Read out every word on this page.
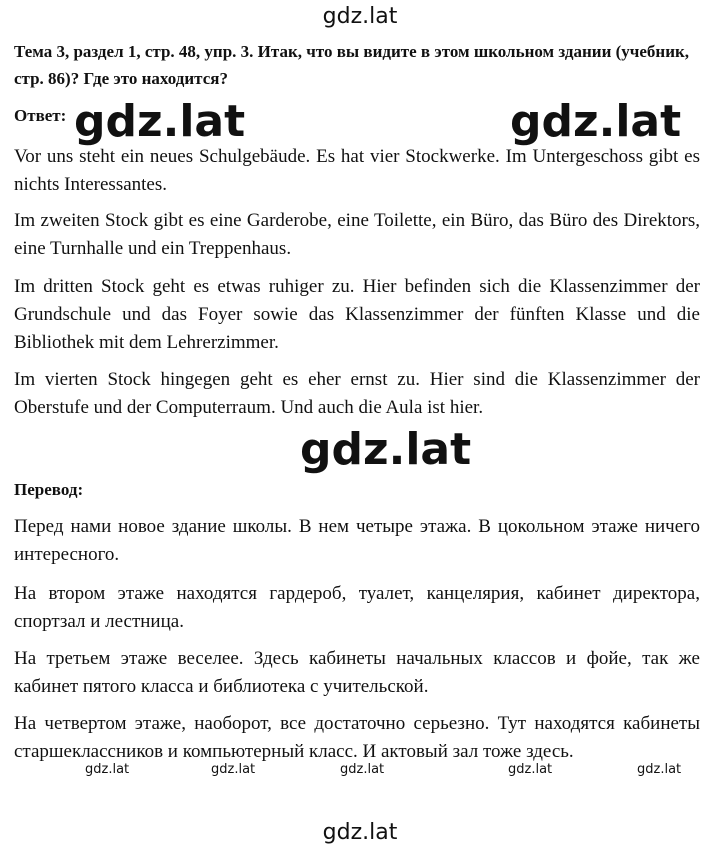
gdz.lat
Тема 3, раздел 1, стр. 48, упр. 3. Итак, что вы видите в этом школьном здании (учебник, стр. 86)? Где это находится?
Ответ: gdz.lat	gdz.lat
Vor uns steht ein neues Schulgebäude. Es hat vier Stockwerke. Im Untergeschoss gibt es nichts Interessantes.
Im zweiten Stock gibt es eine Garderobe, eine Toilette, ein Büro, das Büro des Direktors, eine Turnhalle und ein Treppenhaus.
Im dritten Stock geht es etwas ruhiger zu. Hier befinden sich die Klassenzimmer der Grundschule und das Foyer sowie das Klassenzimmer der fünften Klasse und die Bibliothek mit dem Lehrerzimmer.
Im vierten Stock hingegen geht es eher ernst zu. Hier sind die Klassenzimmer der Oberstufe und der Computerraum. Und auch die Aula ist hier.
gdz.lat
Перевод:
Перед нами новое здание школы. В нем четыре этажа. В цокольном этаже ничего интересного.
На втором этаже находятся гардероб, туалет, канцелярия, кабинет директора, спортзал и лестница.
На третьем этаже веселее. Здесь кабинеты начальных классов и фойе, так же кабинет пятого класса и библиотека с учительской.
На четвертом этаже, наоборот, все достаточно серьезно. Тут находятся кабинеты старшеклассников и компьютерный класс. И актовый зал тоже здесь.
gdz.lat	gdz.lat	gdz.lat	gdz.lat	gdz.lat
gdz.lat
